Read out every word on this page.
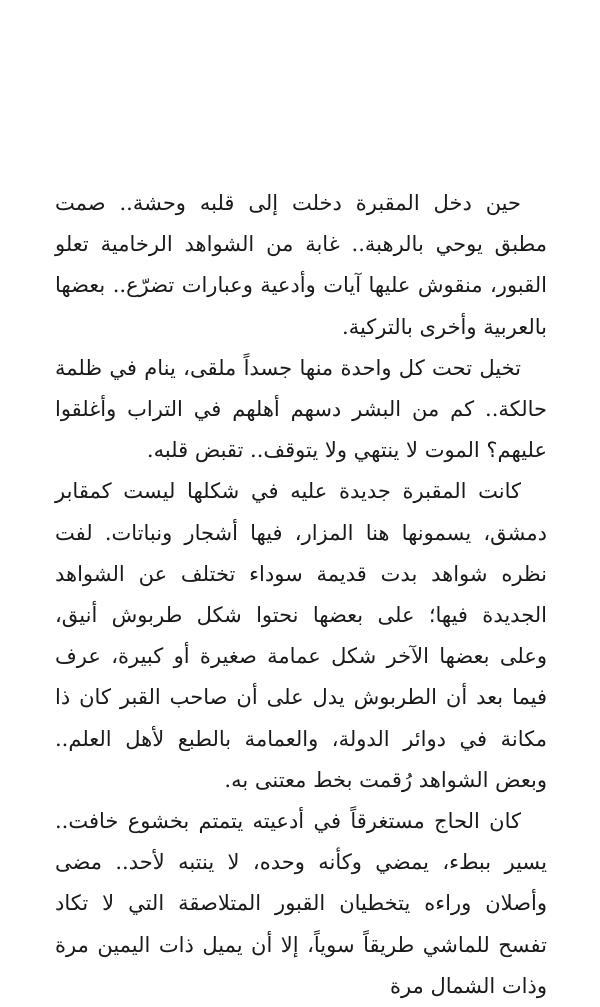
حين دخل المقبرة دخلت إلى قلبه وحشة.. صمت مطبق يوحي بالرهبة.. غابة من الشواهد الرخامية تعلو القبور، منقوش عليها آيات وأدعية وعبارات تضرّع.. بعضها بالعربية وأخرى بالتركية.

تخيل تحت كل واحدة منها جسداً ملقى، ينام في ظلمة حالكة.. كم من البشر دسهم أهلهم في التراب وأغلقوا عليهم؟ الموت لا ينتهي ولا يتوقف.. تقبض قلبه.

كانت المقبرة جديدة عليه في شكلها ليست كمقابر دمشق، يسمونها هنا المزار، فيها أشجار ونباتات. لفت نظره شواهد بدت قديمة سوداء تختلف عن الشواهد الجديدة فيها؛ على بعضها نحتوا شكل طربوش أنيق، وعلى بعضها الآخر شكل عمامة صغيرة أو كبيرة، عرف فيما بعد أن الطربوش يدل على أن صاحب القبر كان ذا مكانة في دوائر الدولة، والعمامة بالطبع لأهل العلم.. وبعض الشواهد رُقمت بخط معتنى به.

كان الحاج مستغرقاً في أدعيته يتمتم بخشوع خافت.. يسير ببطء، يمضي وكأنه وحده، لا ينتبه لأحد.. مضى وأصلان وراءه يتخطيان القبور المتلاصقة التي لا تكاد تفسح للماشي طريقاً سوياً، إلا أن يميل ذات اليمين مرة وذات الشمال مرة
